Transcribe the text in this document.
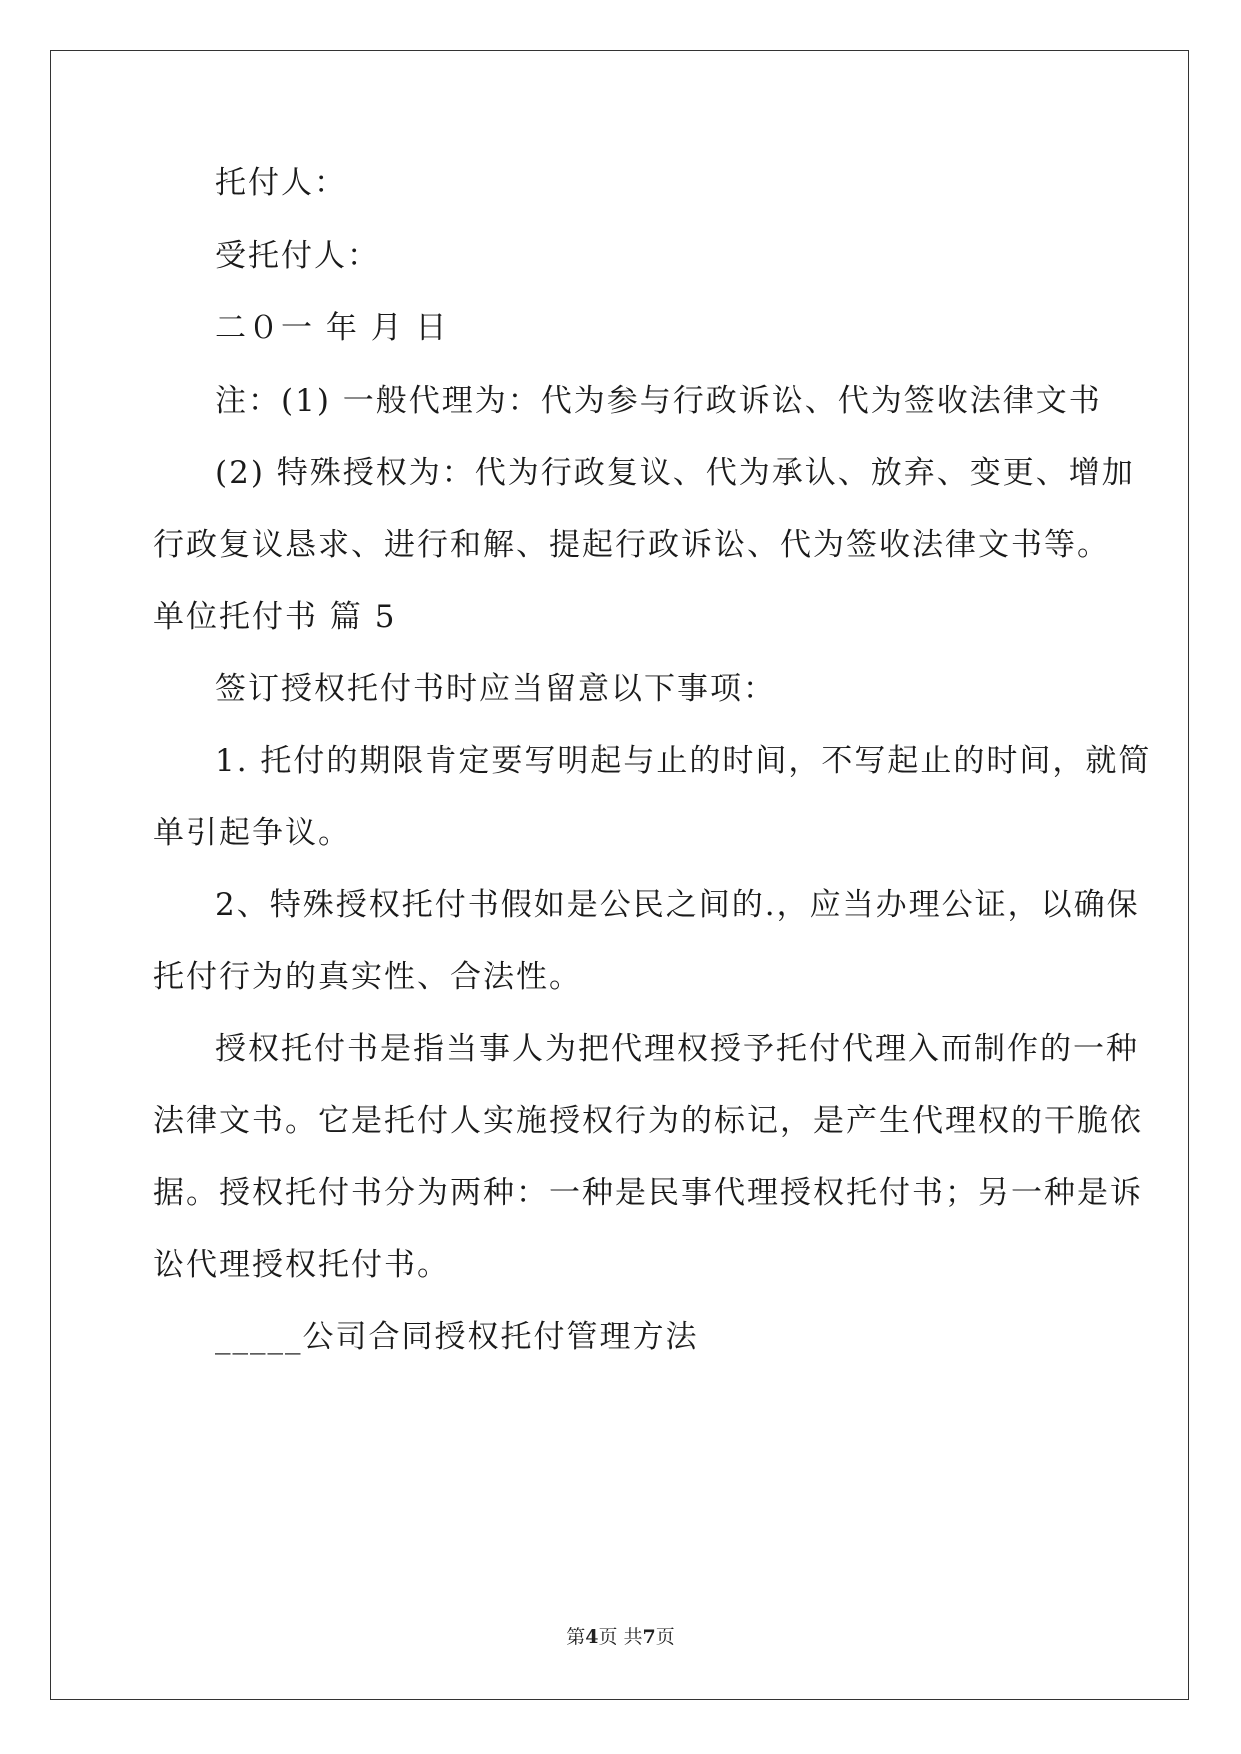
托付人：
受托付人：
二０一 年 月 日
注：(1) 一般代理为：代为参与行政诉讼、代为签收法律文书
(2) 特殊授权为：代为行政复议、代为承认、放弃、变更、增加
行政复议恳求、进行和解、提起行政诉讼、代为签收法律文书等。
单位托付书 篇 5
签订授权托付书时应当留意以下事项：
1. 托付的期限肯定要写明起与止的时间，不写起止的时间，就简
单引起争议。
2、特殊授权托付书假如是公民之间的.，应当办理公证，以确保
托付行为的真实性、合法性。
授权托付书是指当事人为把代理权授予托付代理入而制作的一种
法律文书。它是托付人实施授权行为的标记，是产生代理权的干脆依
据。授权托付书分为两种：一种是民事代理授权托付书；另一种是诉
讼代理授权托付书。
_____公司合同授权托付管理方法
第4页 共7页
